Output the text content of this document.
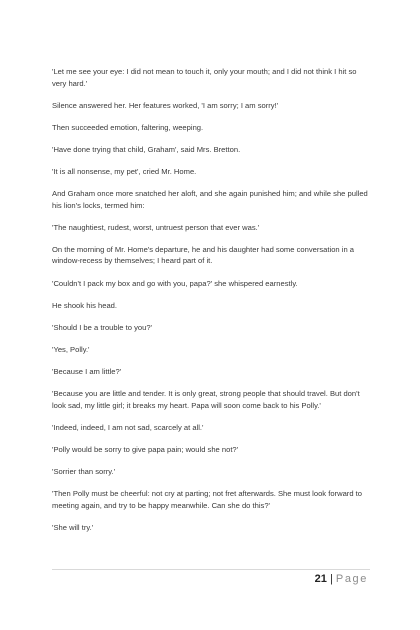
'Let me see your eye: I did not mean to touch it, only your mouth; and I did not think I hit so very hard.'

Silence answered her. Her features worked, 'I am sorry; I am sorry!'

Then succeeded emotion, faltering, weeping.

'Have done trying that child, Graham', said Mrs. Bretton.

'It is all nonsense, my pet', cried Mr. Home.

And Graham once more snatched her aloft, and she again punished him; and while she pulled his lion's locks, termed him:

'The naughtiest, rudest, worst, untruest person that ever was.'

On the morning of Mr. Home's departure, he and his daughter had some conversation in a window-recess by themselves; I heard part of it.

'Couldn't I pack my box and go with you, papa?' she whispered earnestly.

He shook his head.

'Should I be a trouble to you?'

'Yes, Polly.'

'Because I am little?'

'Because you are little and tender. It is only great, strong people that should travel. But don't look sad, my little girl; it breaks my heart. Papa will soon come back to his Polly.'

'Indeed, indeed, I am not sad, scarcely at all.'

'Polly would be sorry to give papa pain; would she not?'

'Sorrier than sorry.'

'Then Polly must be cheerful: not cry at parting; not fret afterwards. She must look forward to meeting again, and try to be happy meanwhile. Can she do this?'

'She will try.'

21 | Page
